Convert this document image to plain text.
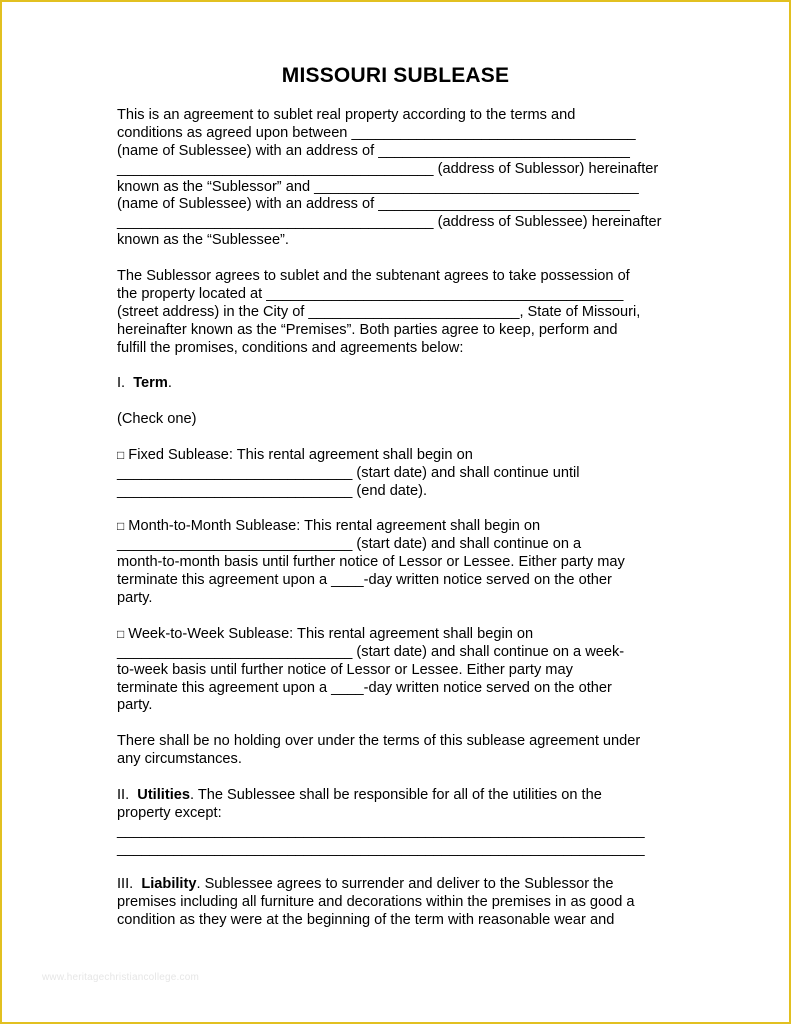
MISSOURI SUBLEASE

This is an agreement to sublet real property according to the terms and

conditions as agreed upon between ___________________________________

(name of Sublessee) with an address of _______________________________

_______________________________________ (address of Sublessor) hereinafter

known as the “Sublessor” and ________________________________________

(name of Sublessee) with an address of _______________________________

_______________________________________ (address of Sublessee) hereinafter

known as the “Sublessee”.

The Sublessor agrees to sublet and the subtenant agrees to take possession of

the property located at ____________________________________________

(street address) in the City of __________________________, State of Missouri,

hereinafter known as the “Premises”. Both parties agree to keep, perform and

fulfill the promises, conditions and agreements below:

I. Term.

(Check one)

□ Fixed Sublease: This rental agreement shall begin on

_____________________________ (start date) and shall continue until

_____________________________ (end date).

□ Month-to-Month Sublease: This rental agreement shall begin on

_____________________________ (start date) and shall continue on a

month-to-month basis until further notice of Lessor or Lessee. Either party may

terminate this agreement upon a ____-day written notice served on the other

party.

□ Week-to-Week Sublease: This rental agreement shall begin on

_____________________________ (start date) and shall continue on a week-

to-week basis until further notice of Lessor or Lessee. Either party may

terminate this agreement upon a ____-day written notice served on the other

party.

There shall be no holding over under the terms of this sublease agreement under

any circumstances.

II. Utilities. The Sublessee shall be responsible for all of the utilities on the

property except:

_________________________________________________________________

_________________________________________________________________

III. Liability. Sublessee agrees to surrender and deliver to the Sublessor the

premises including all furniture and decorations within the premises in as good a

condition as they were at the beginning of the term with reasonable wear and

www.heritagechristiancollege.com
